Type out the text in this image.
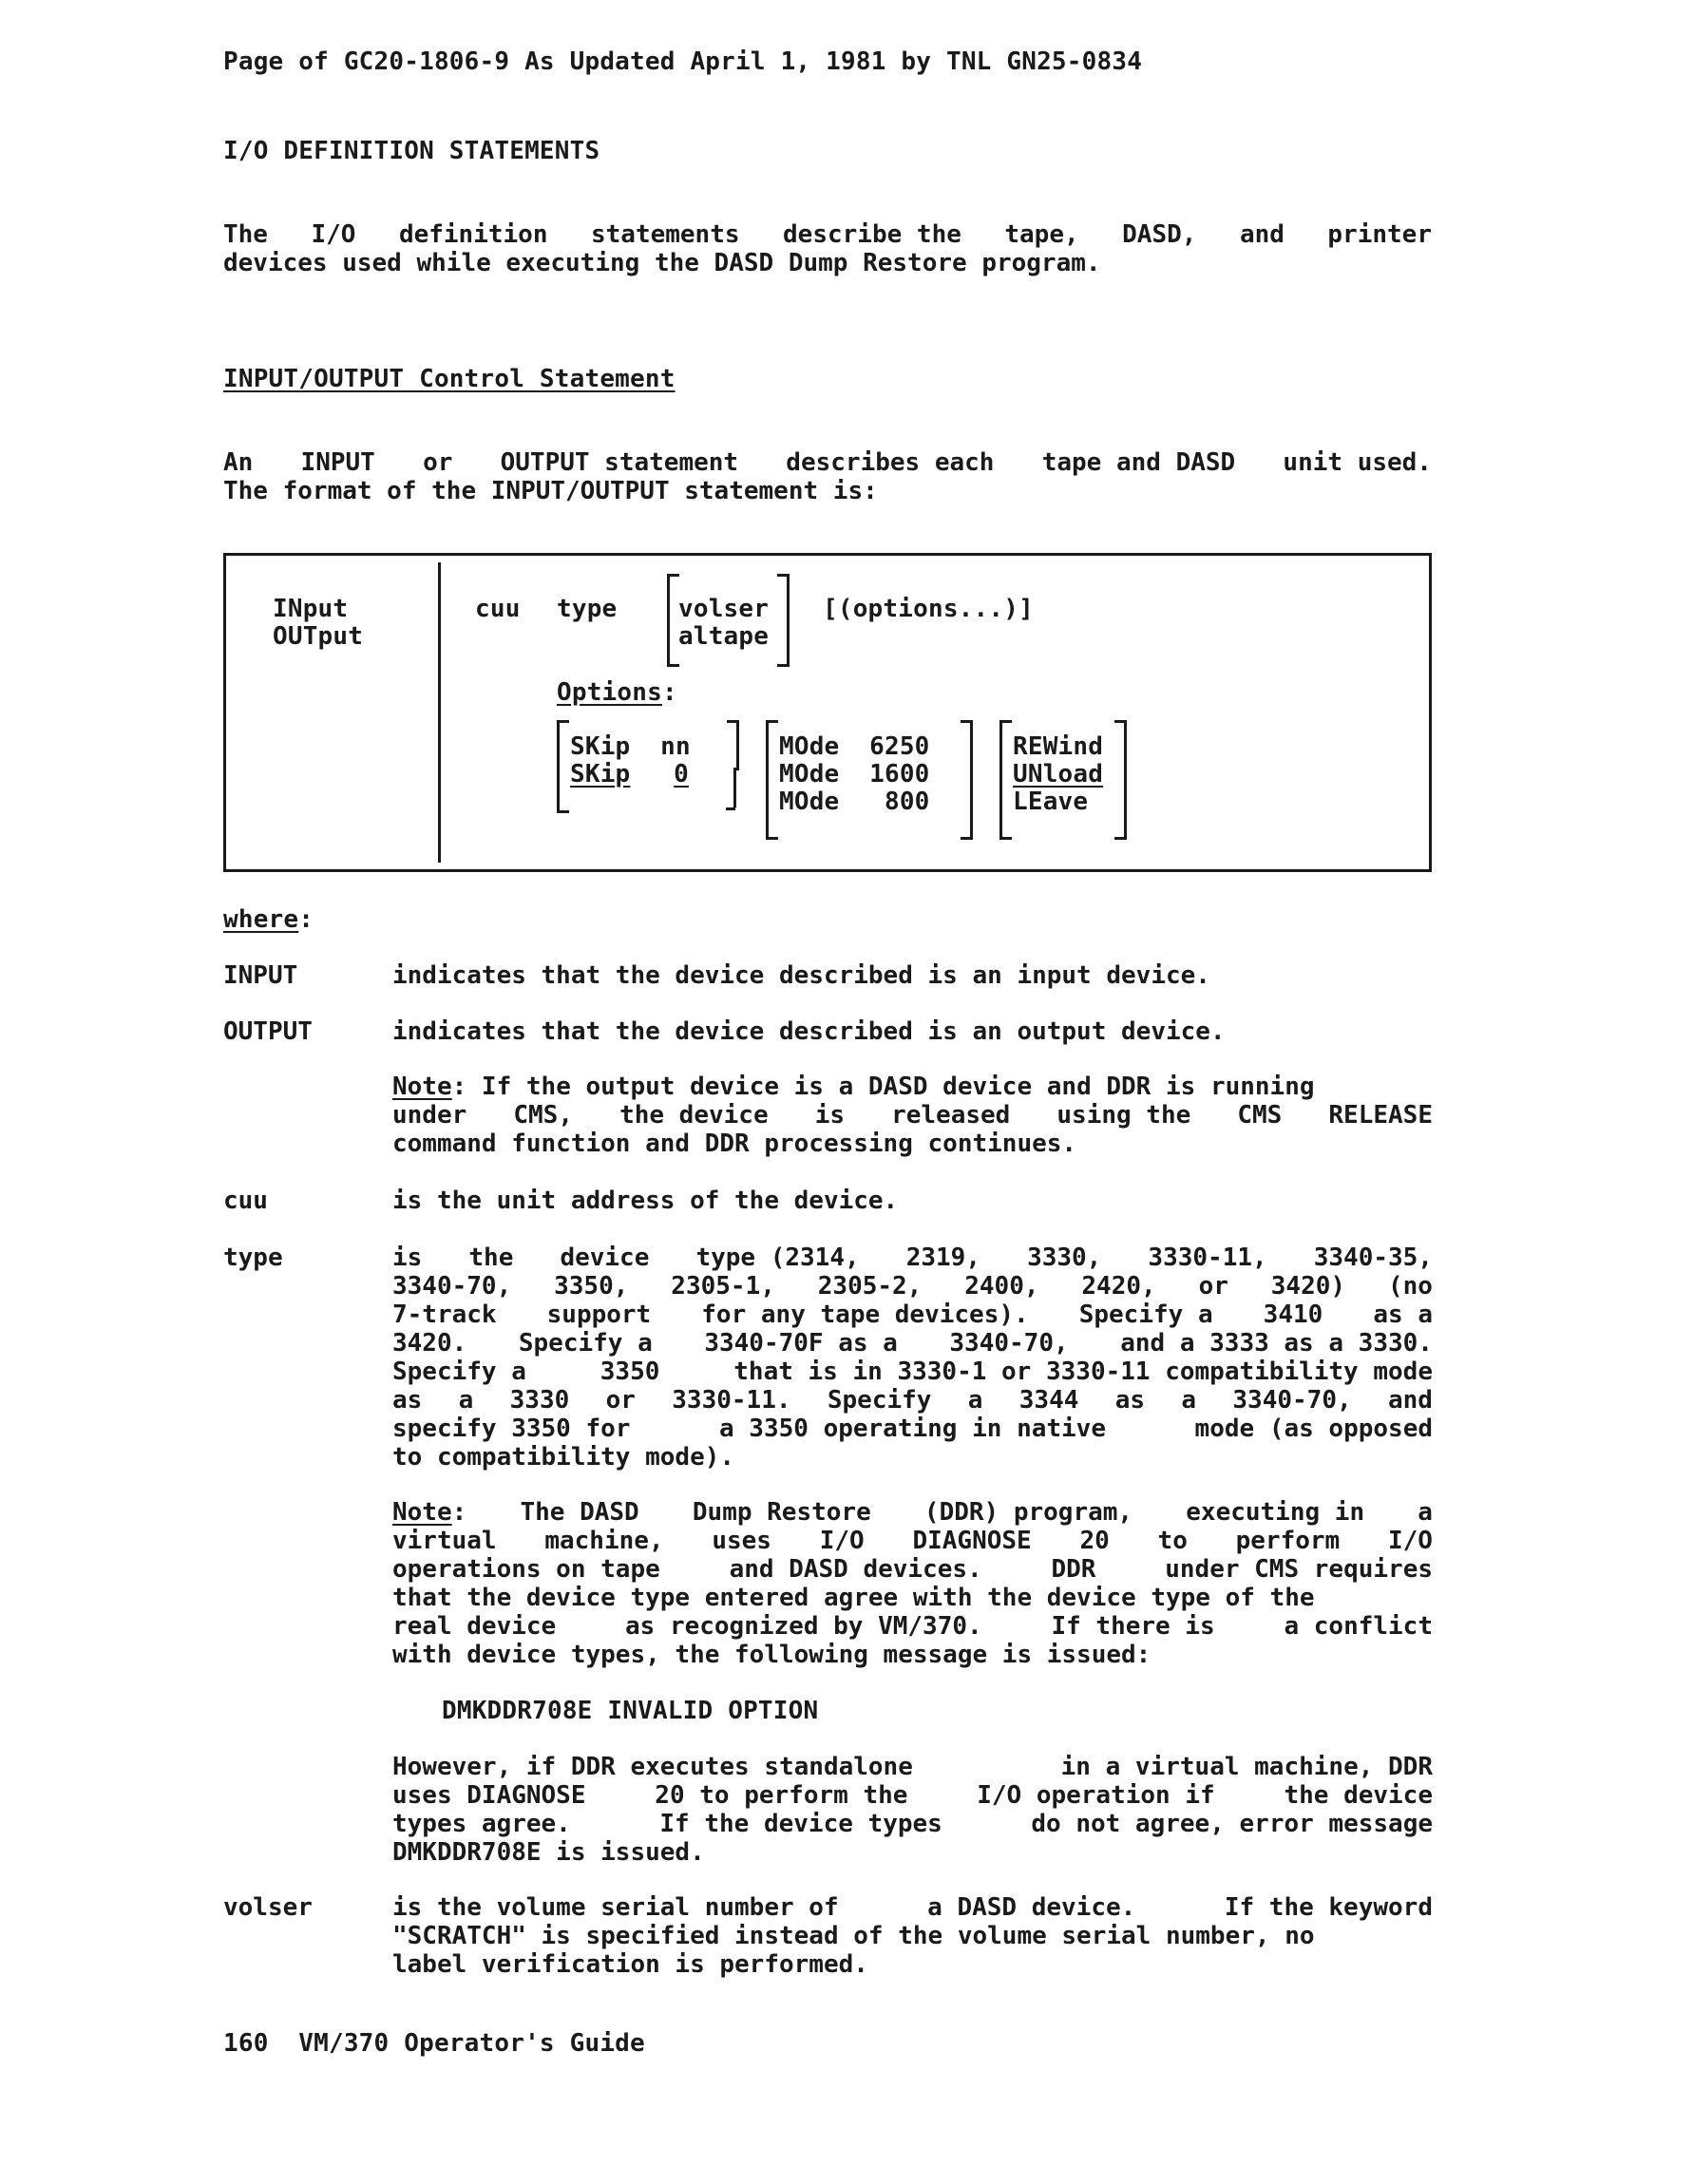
Page of GC20-1806-9 As Updated April 1, 1981 by TNL GN25-0834
I/O DEFINITION STATEMENTS
The I/O definition statements describe the tape, DASD, and printer
devices used while executing the DASD Dump Restore program.
INPUT/OUTPUT Control Statement
An INPUT or OUTPUT statement describes each tape and DASD unit used.
The format of the INPUT/OUTPUT statement is:
INput
OUTput
cuu type volser
altape
[(options...)]
Options:
SKip nn
SKip 0
MOde  6250
MOde  1600
MOde   800
REWind
UNload
LEave
where:
INPUT	indicates that the device described is an input device.
OUTPUT	indicates that the device described is an output device.
Note: If the output device is a DASD device and DDR is running
under CMS, the device is released using the CMS RELEASE
command function and DDR processing continues.
cuu	is the unit address of the device.
type	is the device type (2314, 2319, 3330, 3330-11, 3340-35,
3340-70, 3350, 2305-1, 2305-2, 2400, 2420, or 3420) (no
7-track support for any tape devices). Specify a 3410 as a
3420. Specify a 3340-70F as a 3340-70, and a 3333 as a 3330.
Specify a	3350	that is in 3330-1 or 3330-11 compatibility mode
as a 3330 or 3330-11. Specify a 3344 as a 3340-70, and
specify 3350 for	a 3350 operating in native	mode (as opposed
to compatibility mode).
Note: The DASD Dump Restore (DDR) program, executing in a
virtual machine, uses I/O DIAGNOSE 20 to perform I/O
operations on tape	and DASD devices.	DDR	under CMS requires
that the device type entered agree with the device type of the
real device	as recognized by VM/370.	If there is	a conflict
with device types, the following message is issued:
DMKDDR708E INVALID OPTION
However, if DDR executes standalone	in a virtual machine, DDR
uses DIAGNOSE	20 to perform the	I/O operation if	the device
types agree.	If the device types	do not agree, error message
DMKDDR708E is issued.
volser	is the volume serial number of	a DASD device.	If the keyword
"SCRATCH" is specified instead of the volume serial number, no
label verification is performed.
160  VM/370 Operator's Guide
